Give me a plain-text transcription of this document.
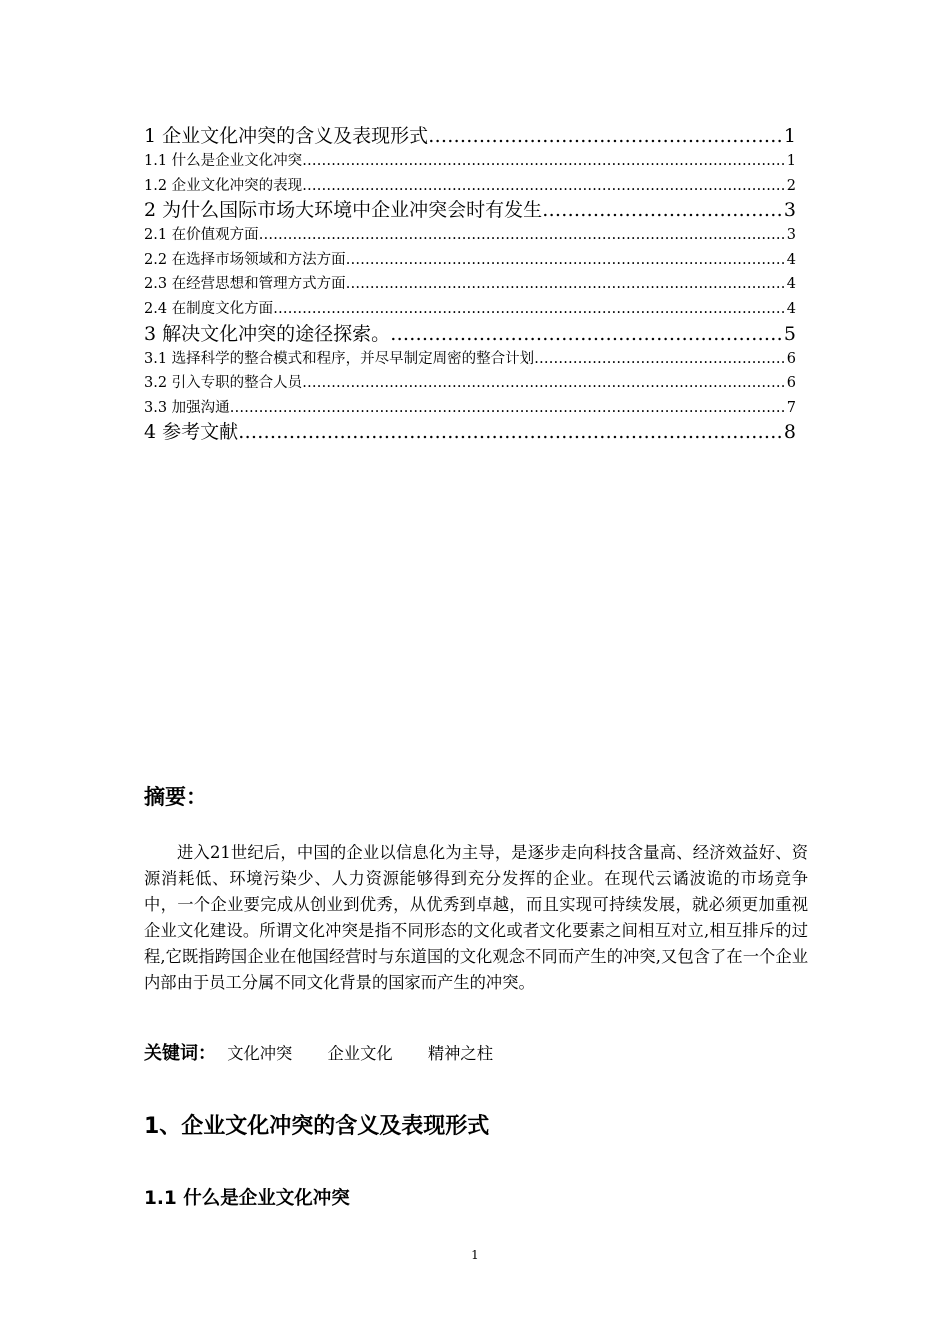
1 企业文化冲突的含义及表现形式 ……………………………………………………………………………………………………………………………………………………………………………………………………	1
1.1 什么是企业文化冲突 ……………………………………………………………………………………………………………………………………………………………………………………………………	1
1.2 企业文化冲突的表现 ……………………………………………………………………………………………………………………………………………………………………………………………………	2
2 为什么国际市场大环境中企业冲突会时有发生 ……………………………………………………………………………………………………………………………………………………………………………………………………	3
2.1 在价值观方面 ……………………………………………………………………………………………………………………………………………………………………………………………………	3
2.2 在选择市场领域和方法方面 ……………………………………………………………………………………………………………………………………………………………………………………………………	4
2.3 在经营思想和管理方式方面 ……………………………………………………………………………………………………………………………………………………………………………………………………	4
2.4 在制度文化方面 ……………………………………………………………………………………………………………………………………………………………………………………………………	4
3 解决文化冲突的途径探索。 ……………………………………………………………………………………………………………………………………………………………………………………………………	5
3.1 选择科学的整合模式和程序，并尽早制定周密的整合计划 ……………………………………………………………………………………………………………………………………………………………………………………………………	6
3.2 引入专职的整合人员 ……………………………………………………………………………………………………………………………………………………………………………………………………	6
3.3 加强沟通 ……………………………………………………………………………………………………………………………………………………………………………………………………	7
4 参考文献 ……………………………………………………………………………………………………………………………………………………………………………………………………	8
摘要：

进入21世纪后，中国的企业以信息化为主导，是逐步走向科技含量高、经济效益好、资源消耗低、环境污染少、人力资源能够得到充分发挥的企业。在现代云谲波诡的市场竞争中，一个企业要完成从创业到优秀，从优秀到卓越，而且实现可持续发展，就必须更加重视企业文化建设。所谓文化冲突是指不同形态的文化或者文化要素之间相互对立,相互排斥的过程,它既指跨国企业在他国经营时与东道国的文化观念不同而产生的冲突,又包含了在一个企业内部由于员工分属不同文化背景的国家而产生的冲突。

关键词： 文化冲突 企业文化 精神之柱
1、企业文化冲突的含义及表现形式
1.1 什么是企业文化冲突
1
